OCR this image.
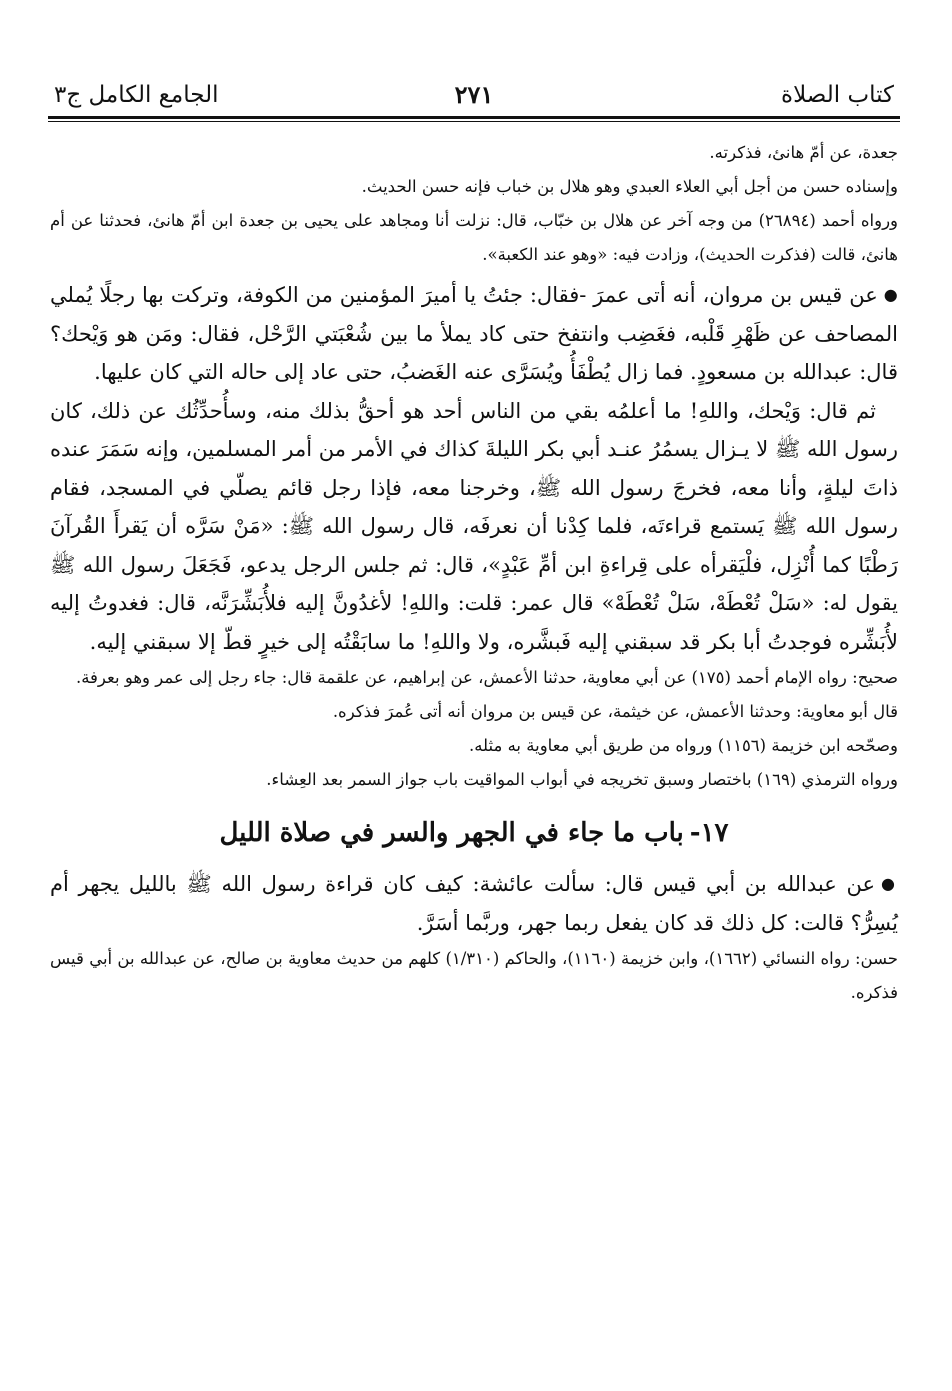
كتاب الصلاة
٢٧١
الجامع الكامل ج٣

جعدة، عن أمّ هانئ، فذكرته.

وإسناده حسن من أجل أبي العلاء العبدي وهو هلال بن خباب فإنه حسن الحديث.

ورواه أحمد (٢٦٨٩٤) من وجه آخر عن هلال بن خبّاب، قال: نزلت أنا ومجاهد على يحيى بن جعدة ابن أمّ هانئ، فحدثنا عن أم هانئ، قالت (فذكرت الحديث)، وزادت فيه: «وهو عند الكعبة».

●عن قيس بن مروان، أنه أتى عمرَ -فقال: جئتُ يا أميرَ المؤمنين من الكوفة، وتركت بها رجلًا يُملي المصاحف عن ظَهْرِ قَلْبه، فغَضِب وانتفخ حتى كاد يملأ ما بين شُعْبَتي الرَّحْل، فقال: ومَن هو وَيْحك؟ قال: عبدالله بن مسعودٍ. فما زال يُطْفَأُ ويُسَرَّى عنه الغَضبُ، حتى عاد إلى حاله التي كان عليها.

ثم قال: وَيْحك، واللهِ! ما أعلمُه بقي من الناس أحد هو أحقُّ بذلك منه، وسأُحدِّثُك عن ذلك، كان رسول الله ﷺ لا يـزال يسمُرُ عنـد أبي بكر الليلةَ كذاك في الأمر من أمر المسلمين، وإنه سَمَرَ عنده ذاتَ ليلةٍ، وأنا معه، فخرجَ رسول الله ﷺ، وخرجنا معه، فإذا رجل قائم يصلّي في المسجد، فقام رسول الله ﷺ يَستمع قراءتَه، فلما كِدْنا أن نعرفَه، قال رسول الله ﷺ: «مَنْ سَرَّه أن يَقرأَ القُرآنَ رَطْبًا كما أُنْزِل، فلْيَقرأه على قِراءةِ ابن أمِّ عَبْدٍ»، قال: ثم جلس الرجل يدعو، فَجَعَلَ رسول الله ﷺ يقول له: «سَلْ تُعْطَهْ، سَلْ تُعْطَهْ» قال عمر: قلت: واللهِ! لأغدُونَّ إليه فلأُبَشِّرَنَّه، قال: فغدوتُ إليه لأُبَشِّره فوجدتُ أبا بكر قد سبقني إليه فَبشَّره، ولا واللهِ! ما سابَقْتُه إلى خيرٍ قطّ إلا سبقني إليه.

صحيح: رواه الإمام أحمد (١٧٥) عن أبي معاوية، حدثنا الأعمش، عن إبراهيم، عن علقمة قال: جاء رجل إلى عمر وهو بعرفة.

قال أبو معاوية: وحدثنا الأعمش، عن خيثمة، عن قيس بن مروان أنه أتى عُمرَ فذكره.

وصحّحه ابن خزيمة (١١٥٦) ورواه من طريق أبي معاوية به مثله.

ورواه الترمذي (١٦٩) باختصار وسبق تخريجه في أبواب المواقيت باب جواز السمر بعد العِشاء.

١٧-باب ما جاء في الجهر والسر في صلاة الليل

●عن عبدالله بن أبي قيس قال: سألت عائشة: كيف كان قراءة رسول الله ﷺ بالليل يجهر أم يُسِرُّ؟ قالت: كل ذلك قد كان يفعل ربما جهر، وربَّما أسَرَّ.

حسن: رواه النسائي (١٦٦٢)، وابن خزيمة (١١٦٠)، والحاكم (١/٣١٠) كلهم من حديث معاوية بن صالح، عن عبدالله بن أبي قيس فذكره.
